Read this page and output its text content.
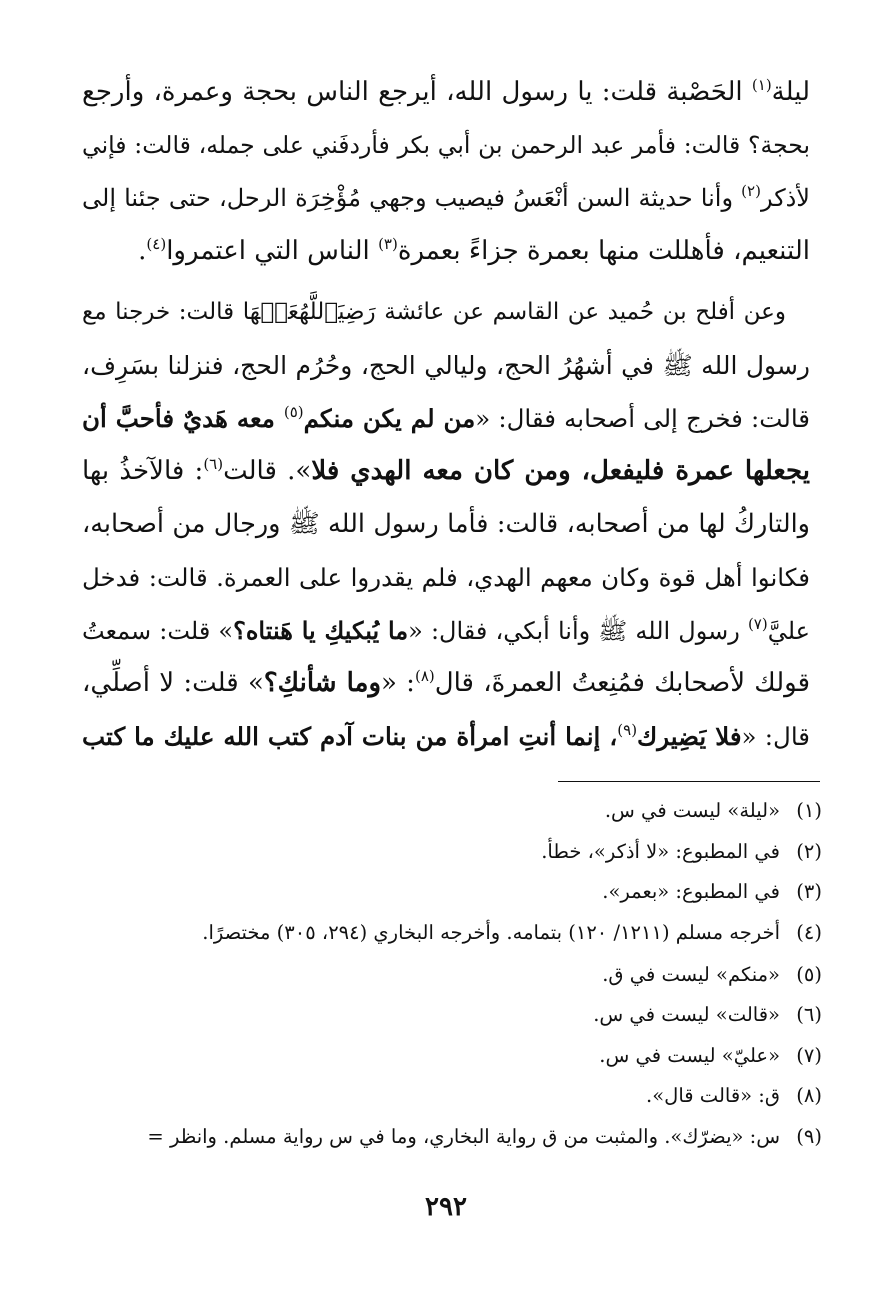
ليلة$^{(١)}$ الحَصْبة قلت: يا رسول الله، أيرجع الناس بحجة وعمرة، وأرجع
بحجة؟ قالت: فأمر عبد الرحمن بن أبي بكر فأردفَني على جمله، قالت: فإني
لأذكر$^{(٢)}$ وأنا حديثة السن أنْعَسُ فيصيب وجهي مُؤْخِرَة الرحل، حتى جئنا إلى
التنعيم، فأهللت منها بعمرة جزاءً بعمرة$^{(٣)}$ الناس التي اعتمروا$^{(٤)}$.
وعن أفلح بن حُميد عن القاسم عن عائشة رَضِيَٱللَّهُعَنۡهَا قالت: خرجنا مع
رسول الله ﷺ في أشهُرُ الحج، وليالي الحج، وحُرُم الحج، فنزلنا بسَرِف،
قالت: فخرج إلى أصحابه فقال: «من لم يكن منكم$^{(٥)}$ معه هَديٌ فأحبَّ أن
يجعلها عمرة فليفعل، ومن كان معه الهدي فلا». قالت$^{(٦)}$: فالآخذُ بها
والتاركُ لها من أصحابه، قالت: فأما رسول الله ﷺ ورجال من أصحابه،
فكانوا أهل قوة وكان معهم الهدي، فلم يقدروا على العمرة. قالت: فدخل
عليَّ$^{(٧)}$ رسول الله ﷺ وأنا أبكي، فقال: «ما يُبكيكِ يا هَنتاه؟» قلت: سمعتُ
قولك لأصحابك فمُنِعتُ العمرةَ، قال$^{(٨)}$: «وما شأنكِ؟» قلت: لا أصلِّي،
قال: «فلا يَضِيرك$^{(٩)}$، إنما أنتِ امرأة من بنات آدم كتب الله عليك ما كتب
(١)«ليلة» ليست في س.
(٢)في المطبوع: «لا أذكر»، خطأ.
(٣)في المطبوع: «بعمر».
(٤)أخرجه مسلم (١٢١١/ ١٢٠) بتمامه. وأخرجه البخاري (٢٩٤، ٣٠٥) مختصرًا.
(٥)«منكم» ليست في ق.
(٦)«قالت» ليست في س.
(٧)«عليّ» ليست في س.
(٨)ق: «قالت قال».
(٩)س: «يضرّك». والمثبت من ق رواية البخاري، وما في س رواية مسلم. وانظر =
٢٩٢
